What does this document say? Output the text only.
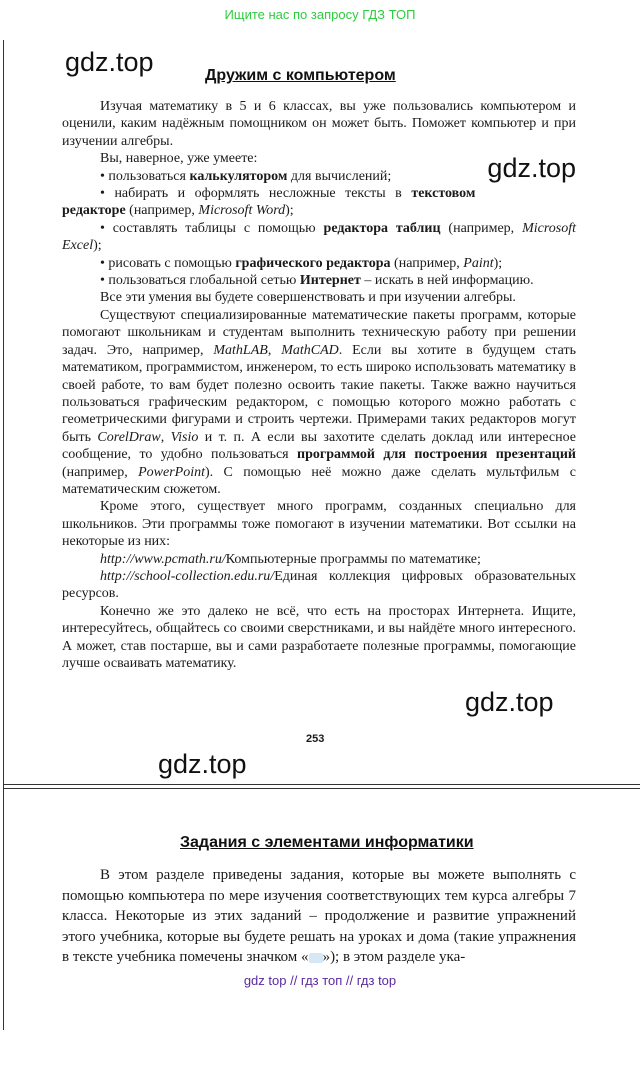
Ищите нас по запросу ГДЗ ТОП
gdz.top	Дружим с компьютером

Изучая математику в 5 и 6 классах, вы уже пользовались компьютером и оценили, каким надёжным помощником он может быть. Поможет компьютер и при изучении алгебры.

gdz.top
Вы, наверное, уже умеете:

• пользоваться калькулятором для вычислений;

• набирать и оформлять несложные тексты в текстовом редакторе (например, Microsoft Word);

• составлять таблицы с помощью редактора таблиц (например, Microsoft Excel);

• рисовать с помощью графического редактора (например, Paint);

• пользоваться глобальной сетью Интернет – искать в ней информацию.

Все эти умения вы будете совершенствовать и при изучении алгебры.

Существуют специализированные математические пакеты программ, которые помогают школьникам и студентам выполнить техническую работу при решении задач. Это, например, MathLAB, MathCAD. Если вы хотите в будущем стать математиком, программистом, инженером, то есть широко использовать математику в своей работе, то вам будет полезно освоить такие пакеты. Также важно научиться пользоваться графическим редактором, с помощью которого можно работать с геометрическими фигурами и строить чертежи. Примерами таких редакторов могут быть CorelDraw, Visio и т. п. А если вы захотите сделать доклад или интересное сообщение, то удобно пользоваться программой для построения презентаций (например, PowerPoint). С помощью неё можно даже сделать мультфильм с математическим сюжетом.

Кроме этого, существует много программ, созданных специально для школьников. Эти программы тоже помогают в изучении математики. Вот ссылки на некоторые из них:

http://www.pcmath.ru/Компьютерные программы по математике;

http://school-collection.edu.ru/Единая коллекция цифровых образовательных ресурсов.

Конечно же это далеко не всё, что есть на просторах Интернета. Ищите, интересуйтесь, общайтесь со своими сверстниками, и вы найдёте много интересного. А может, став постарше, вы и сами разработаете полезные программы, помогающие лучше осваивать математику.

gdz.top
253
gdz.top
Задания с элементами информатики

В этом разделе приведены задания, которые вы можете выполнять с помощью компьютера по мере изучения соответствующих тем курса алгебры 7 класса. Некоторые из этих заданий – продолжение и развитие упражнений этого учебника, которые вы будете решать на уроках и дома (такие упражнения в тексте учебника помечены значком « »); в этом разделе ука-

gdz top // гдз топ // гдз top
